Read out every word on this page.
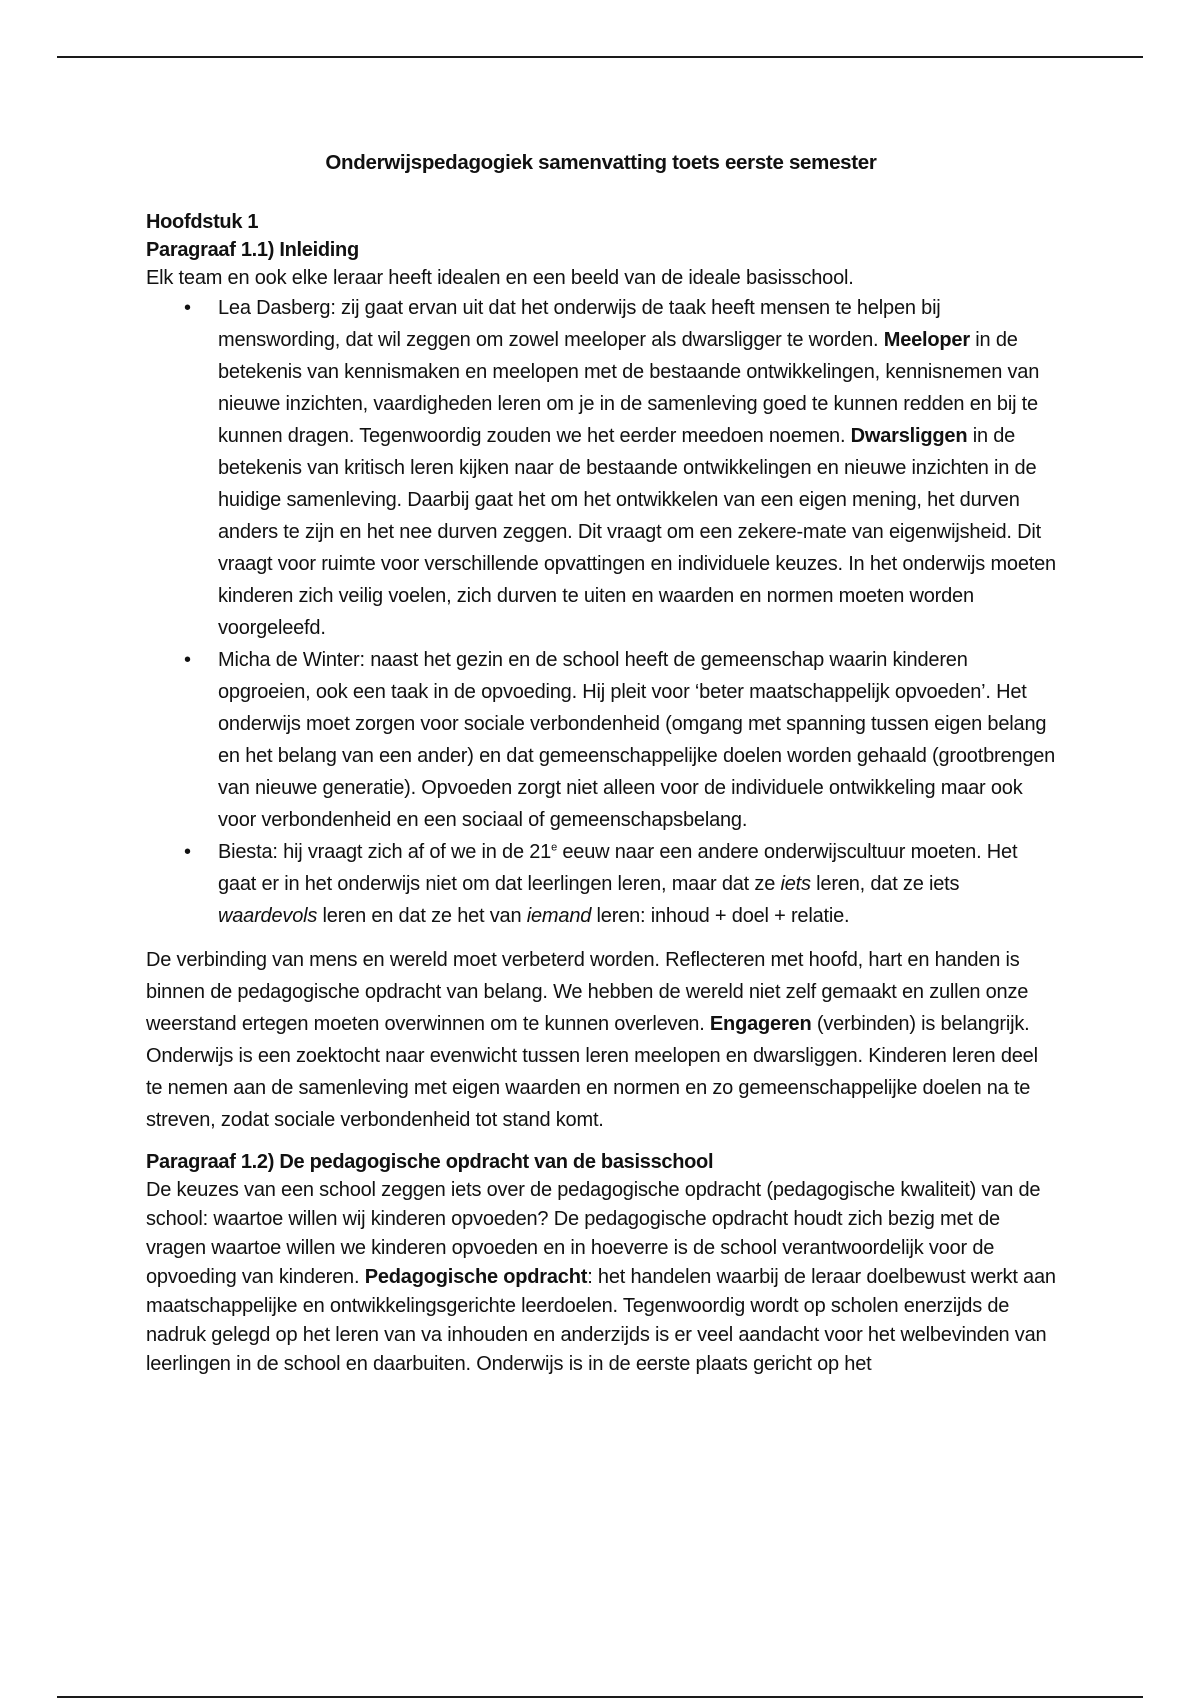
Onderwijspedagogiek samenvatting toets eerste semester
Hoofdstuk 1
Paragraaf 1.1) Inleiding

Elk team en ook elke leraar heeft idealen en een beeld van de ideale basisschool.

• Lea Dasberg: zij gaat ervan uit dat het onderwijs de taak heeft mensen te helpen bij menswording, dat wil zeggen om zowel meeloper als dwarsligger te worden. Meeloper in de betekenis van kennismaken en meelopen met de bestaande ontwikkelingen, kennisnemen van nieuwe inzichten, vaardigheden leren om je in de samenleving goed te kunnen redden en bij te kunnen dragen. Tegenwoordig zouden we het eerder meedoen noemen. Dwarsliggen in de betekenis van kritisch leren kijken naar de bestaande ontwikkelingen en nieuwe inzichten in de huidige samenleving. Daarbij gaat het om het ontwikkelen van een eigen mening, het durven anders te zijn en het nee durven zeggen. Dit vraagt om een zekere-mate van eigenwijsheid. Dit vraagt voor ruimte voor verschillende opvattingen en individuele keuzes. In het onderwijs moeten kinderen zich veilig voelen, zich durven te uiten en waarden en normen moeten worden voorgeleefd.
• Micha de Winter: naast het gezin en de school heeft de gemeenschap waarin kinderen opgroeien, ook een taak in de opvoeding. Hij pleit voor ‘beter maatschappelijk opvoeden’. Het onderwijs moet zorgen voor sociale verbondenheid (omgang met spanning tussen eigen belang en het belang van een ander) en dat gemeenschappelijke doelen worden gehaald (grootbrengen van nieuwe generatie). Opvoeden zorgt niet alleen voor de individuele ontwikkeling maar ook voor verbondenheid en een sociaal of gemeenschapsbelang.
• Biesta: hij vraagt zich af of we in de 21e eeuw naar een andere onderwijscultuur moeten. Het gaat er in het onderwijs niet om dat leerlingen leren, maar dat ze iets leren, dat ze iets waardevols leren en dat ze het van iemand leren: inhoud + doel + relatie.

De verbinding van mens en wereld moet verbeterd worden. Reflecteren met hoofd, hart en handen is binnen de pedagogische opdracht van belang. We hebben de wereld niet zelf gemaakt en zullen onze weerstand ertegen moeten overwinnen om te kunnen overleven. Engageren (verbinden) is belangrijk. Onderwijs is een zoektocht naar evenwicht tussen leren meelopen en dwarsliggen. Kinderen leren deel te nemen aan de samenleving met eigen waarden en normen en zo gemeenschappelijke doelen na te streven, zodat sociale verbondenheid tot stand komt.

Paragraaf 1.2) De pedagogische opdracht van de basisschool

De keuzes van een school zeggen iets over de pedagogische opdracht (pedagogische kwaliteit) van de school: waartoe willen wij kinderen opvoeden? De pedagogische opdracht houdt zich bezig met de vragen waartoe willen we kinderen opvoeden en in hoeverre is de school verantwoordelijk voor de opvoeding van kinderen. Pedagogische opdracht: het handelen waarbij de leraar doelbewust werkt aan maatschappelijke en ontwikkelingsgerichte leerdoelen. Tegenwoordig wordt op scholen enerzijds de nadruk gelegd op het leren van va inhouden en anderzijds is er veel aandacht voor het welbevinden van leerlingen in de school en daarbuiten. Onderwijs is in de eerste plaats gericht op het
